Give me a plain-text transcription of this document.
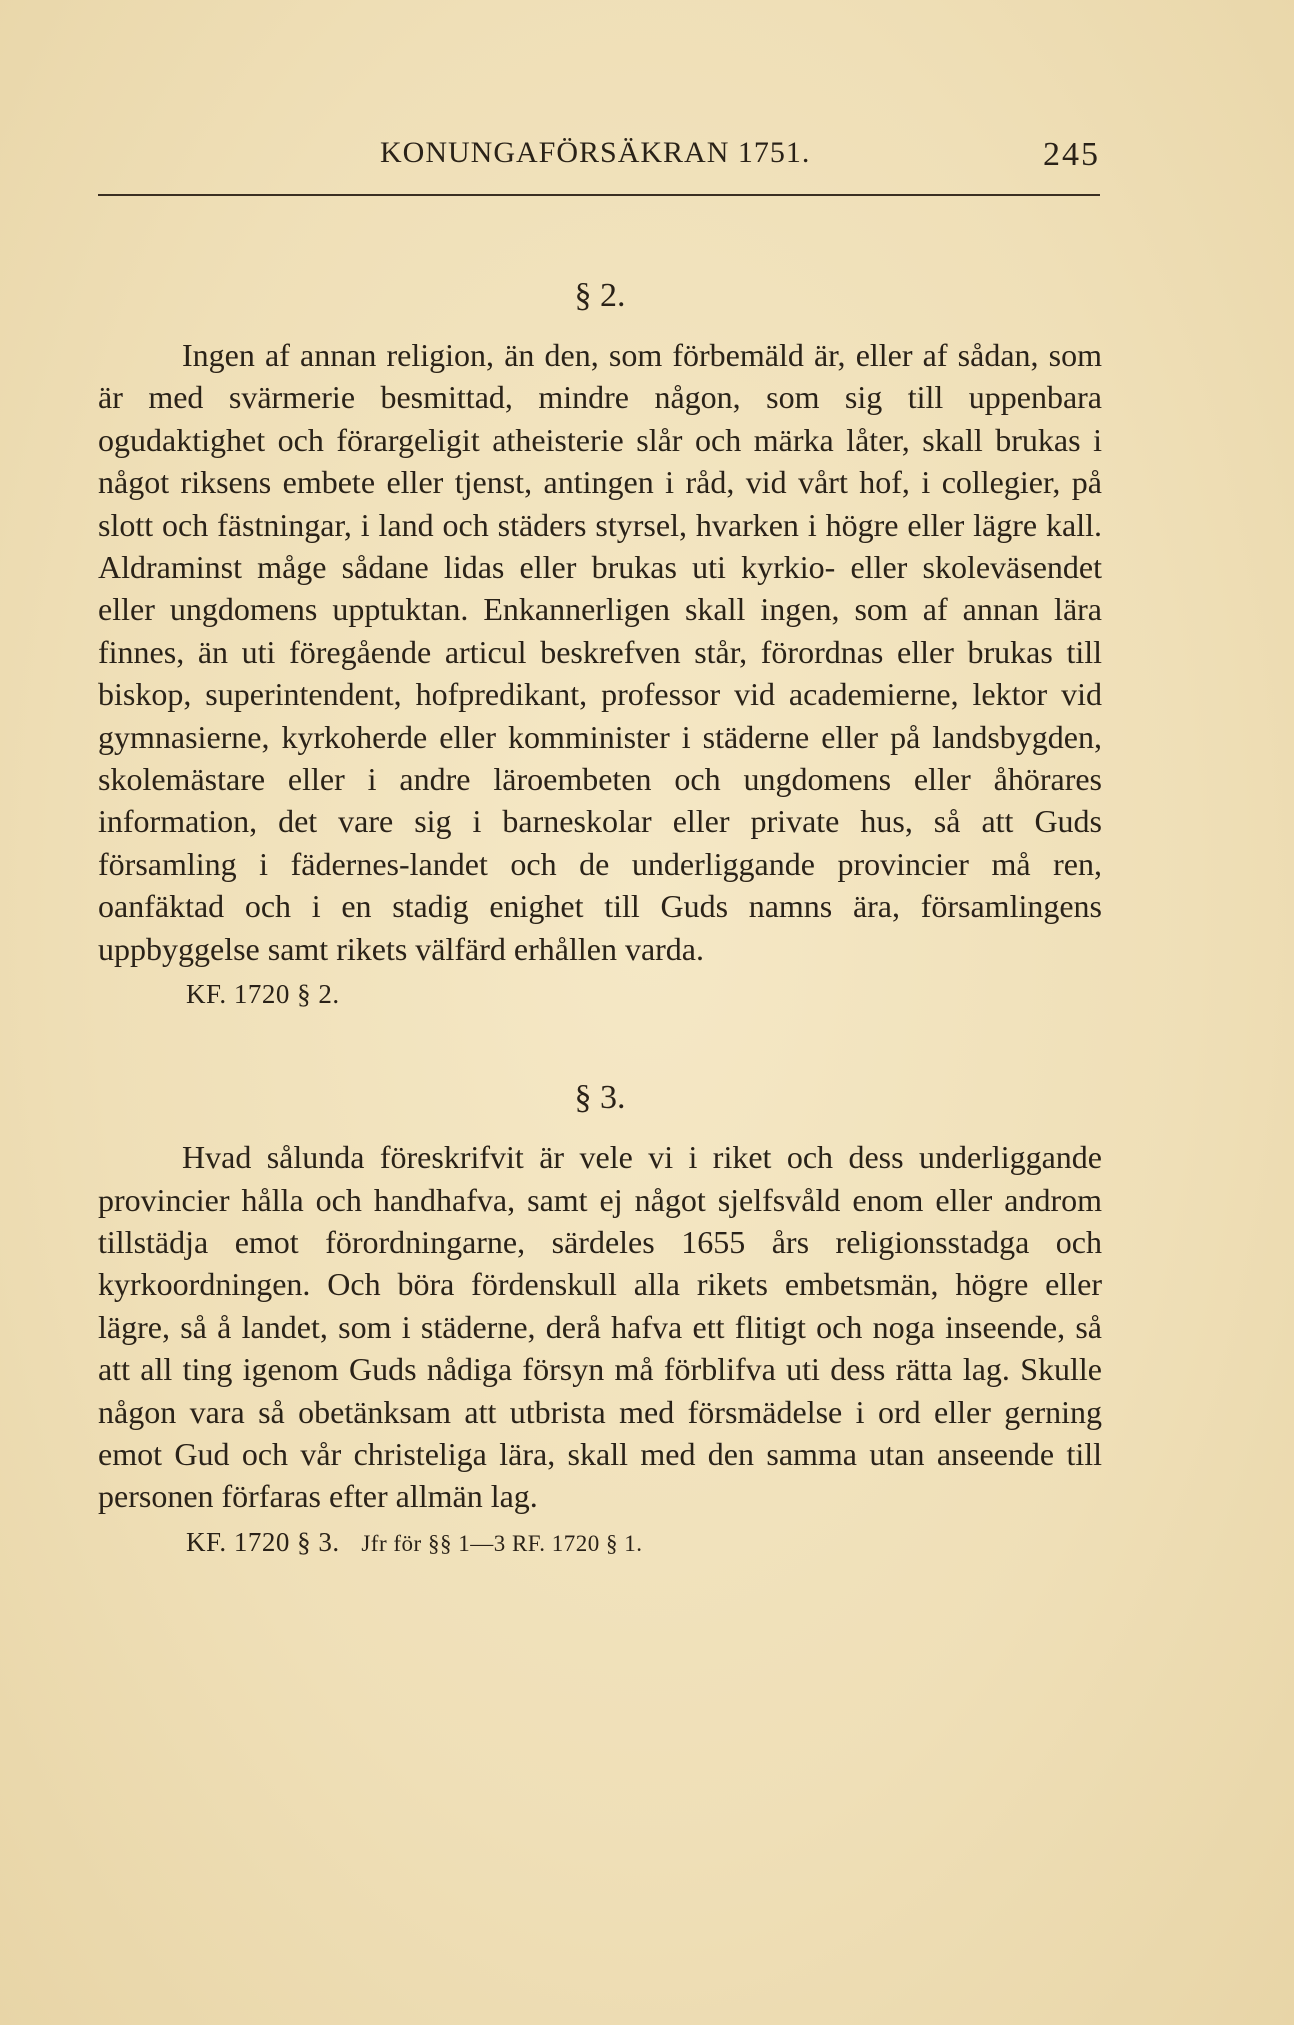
KONUNGAFÖRSÄKRAN 1751.	245
§ 2.

Ingen af annan religion, än den, som förbemäld är, eller af sådan, som är med svärmerie besmittad, mindre någon, som sig till uppenbara ogudaktighet och förargeligit atheisterie slår och märka låter, skall brukas i något riksens embete eller tjenst, antingen i råd, vid vårt hof, i collegier, på slott och fästningar, i land och städers styrsel, hvarken i högre eller lägre kall. Aldraminst måge sådane lidas eller brukas uti kyrkio- eller skoleväsendet eller ungdomens upptuktan. Enkannerligen skall ingen, som af annan lära finnes, än uti föregående articul beskrefven står, förordnas eller brukas till biskop, superintendent, hofpredikant, professor vid academierne, lektor vid gymnasierne, kyrkoherde eller komminister i städerne eller på landsbygden, skolemästare eller i andre läroembeten och ungdomens eller åhörares information, det vare sig i barneskolar eller private hus, så att Guds församling i fädernes-landet och de underliggande provincier må ren, oanfäktad och i en stadig enighet till Guds namns ära, församlingens uppbyggelse samt rikets välfärd erhållen varda.

KF. 1720 § 2.
§ 3.

Hvad sålunda föreskrifvit är vele vi i riket och dess underliggande provincier hålla och handhafva, samt ej något sjelfsvåld enom eller androm tillstädja emot förordningarne, särdeles 1655 års religionsstadga och kyrkoordningen. Och böra fördenskull alla rikets embetsmän, högre eller lägre, så å landet, som i städerne, derå hafva ett flitigt och noga inseende, så att all ting igenom Guds nådiga försyn må förblifva uti dess rätta lag. Skulle någon vara så obetänksam att utbrista med försmädelse i ord eller gerning emot Gud och vår christeliga lära, skall med den samma utan anseende till personen förfaras efter allmän lag.

KF. 1720 § 3. Jfr för §§ 1—3 RF. 1720 § 1.
